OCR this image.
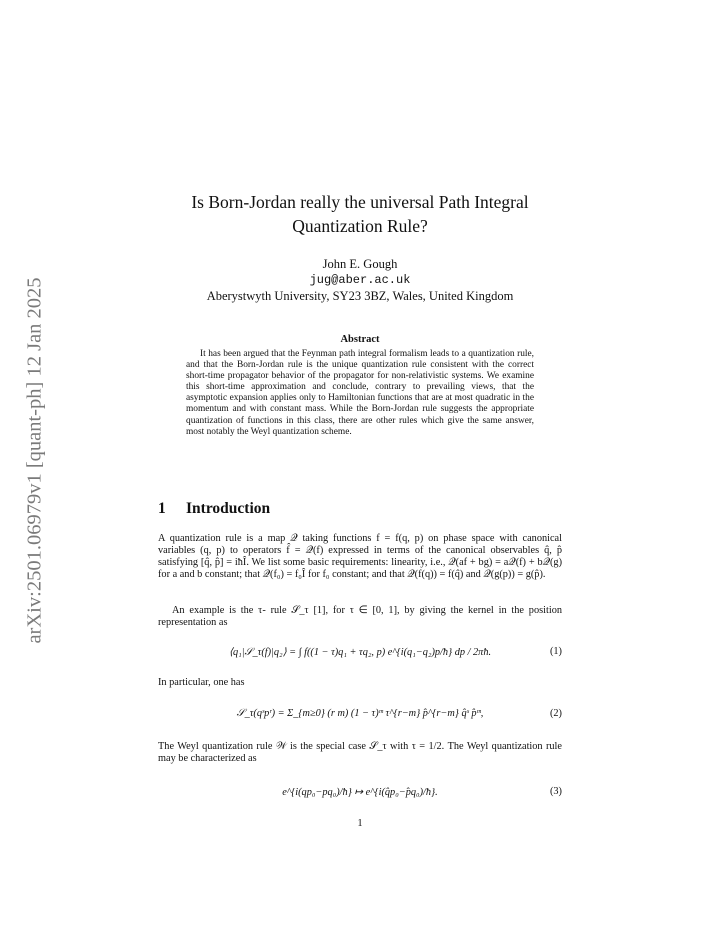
arXiv:2501.06979v1 [quant-ph] 12 Jan 2025
Is Born-Jordan really the universal Path Integral
Quantization Rule?
John E. Gough
jug@aber.ac.uk
Aberystwyth University, SY23 3BZ, Wales, United Kingdom
Abstract
It has been argued that the Feynman path integral formalism leads to a quantization rule, and that the Born-Jordan rule is the unique quantization rule consistent with the correct short-time propagator behavior of the propagator for non-relativistic systems. We examine this short-time approximation and conclude, contrary to prevailing views, that the asymptotic expansion applies only to Hamiltonian functions that are at most quadratic in the momentum and with constant mass. While the Born-Jordan rule suggests the appropriate quantization of functions in this class, there are other rules which give the same answer, most notably the Weyl quantization scheme.
1 Introduction
A quantization rule is a map 𝒬 taking functions f = f(q, p) on phase space with canonical variables (q, p) to operators f̂ = 𝒬(f) expressed in terms of the canonical observables q̂, p̂ satisfying [q̂, p̂] = iħÎ. We list some basic requirements: linearity, i.e., 𝒬(af + bg) = a𝒬(f) + b𝒬(g) for a and b constant; that 𝒬(f₀) = f₀Î for f₀ constant; and that 𝒬(f(q)) = f(q̂) and 𝒬(g(p)) = g(p̂).
An example is the τ- rule 𝒮_τ [1], for τ ∈ [0, 1], by giving the kernel in the position representation as
⟨q₁|𝒮_τ(f)|q₂⟩ = ∫ f((1 − τ)q₁ + τq₂, p) e^{i(q₁−q₂)p/ħ} dp / 2πħ.	(1)
In particular, one has
𝒮_τ(qˢpʳ) = Σ_{m≥0} (r m) (1 − τ)ᵐ τ^{r−m} p̂^{r−m} q̂ˢ p̂ᵐ,	(2)
The Weyl quantization rule 𝒲 is the special case 𝒮_τ with τ = 1/2. The Weyl quantization rule may be characterized as
e^{i(qp₀−pq₀)/ħ} ↦ e^{i(q̂p₀−p̂q₀)/ħ}.	(3)
1
